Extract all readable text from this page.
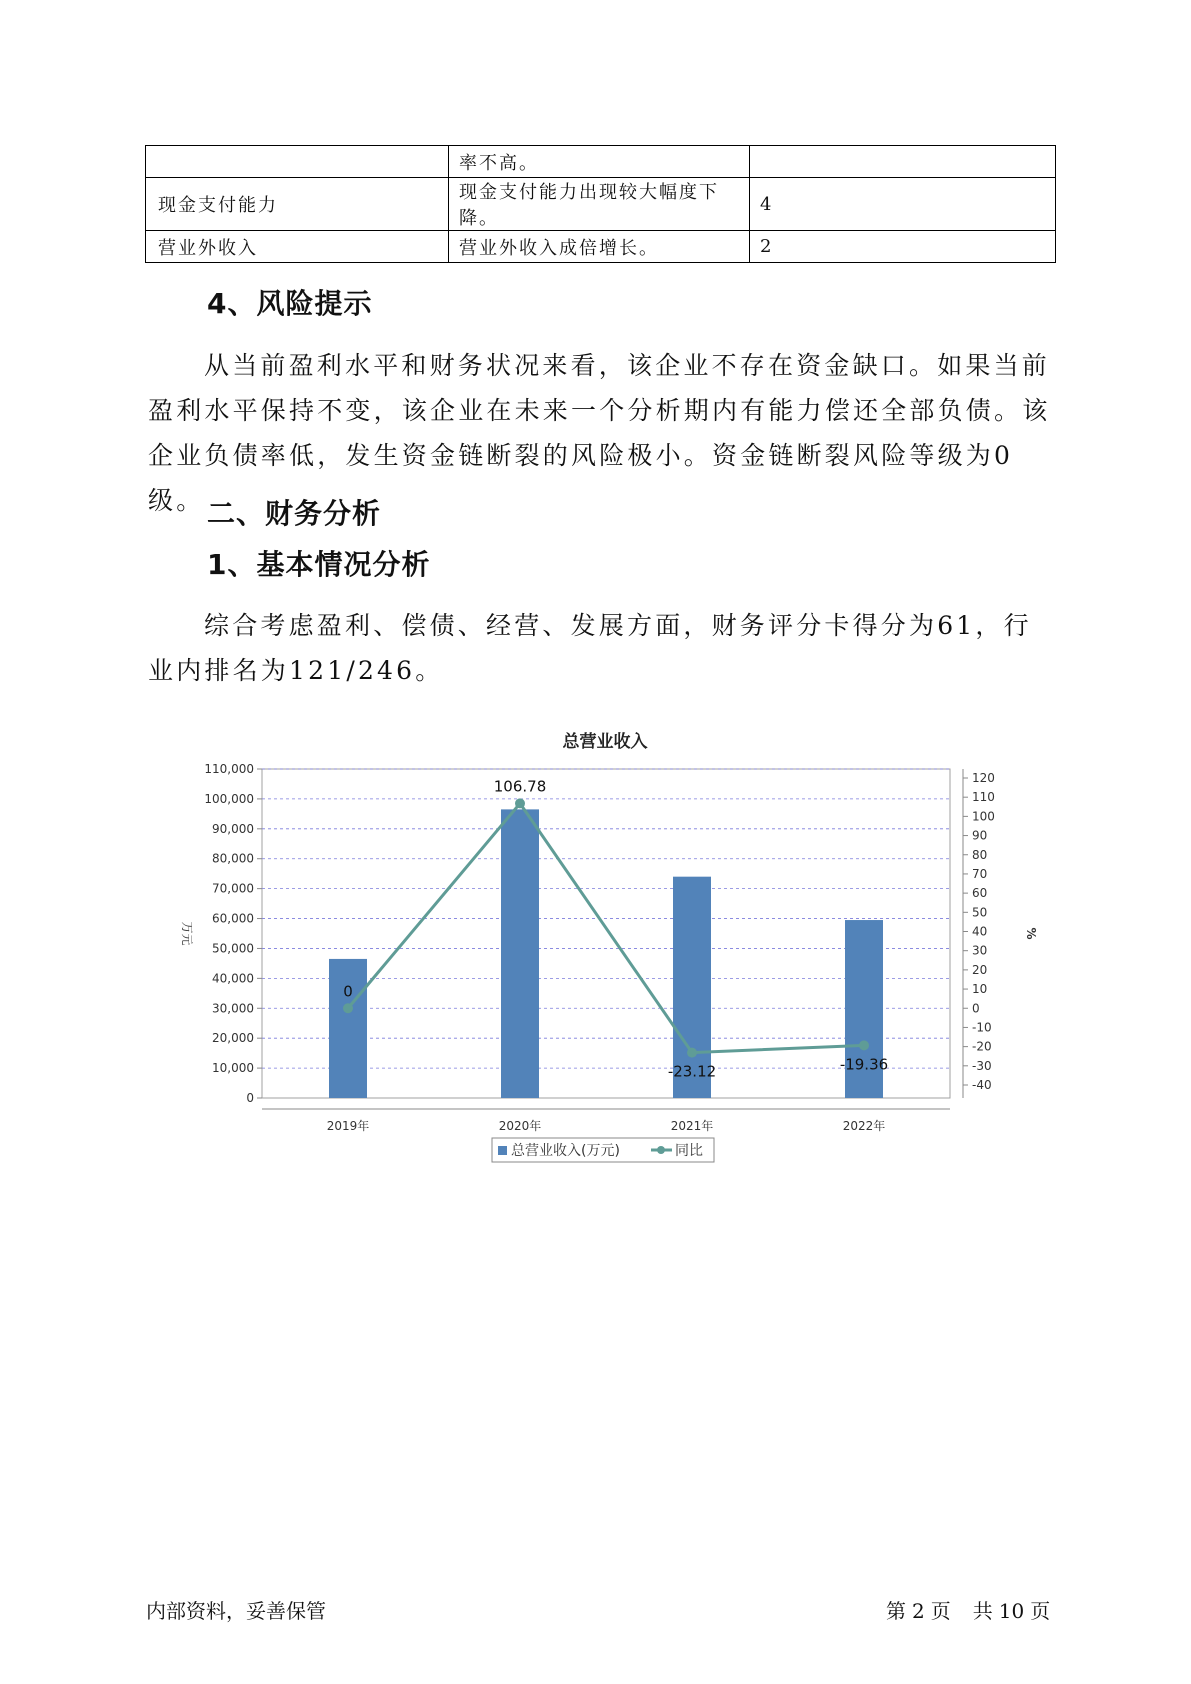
	率不高。	
现金支付能力	现金支付能力出现较大幅度下降。	4
营业外收入	营业外收入成倍增长。	2
4、风险提示
从当前盈利水平和财务状况来看，该企业不存在资金缺口。如果当前盈利水平保持不变，该企业在未来一个分析期内有能力偿还全部负债。该企业负债率低，发生资金链断裂的风险极小。资金链断裂风险等级为0级。 二、财务分析
1、基本情况分析
综合考虑盈利、偿债、经营、发展方面，财务评分卡得分为61，行业内排名为121/246。
总营业收入
0
10,000
20,000
30,000
40,000
50,000
60,000
70,000
80,000
90,000
100,000
110,000
-40
-30
-20
-10
0
10
20
30
40
50
60
70
80
90
100
110
120
万元	%
2019年	2020年	2021年	2022年
0
106.78
-23.12	-19.36
总营业收入(万元)	同比
内部资料，妥善保管	第 2 页 共 10 页
